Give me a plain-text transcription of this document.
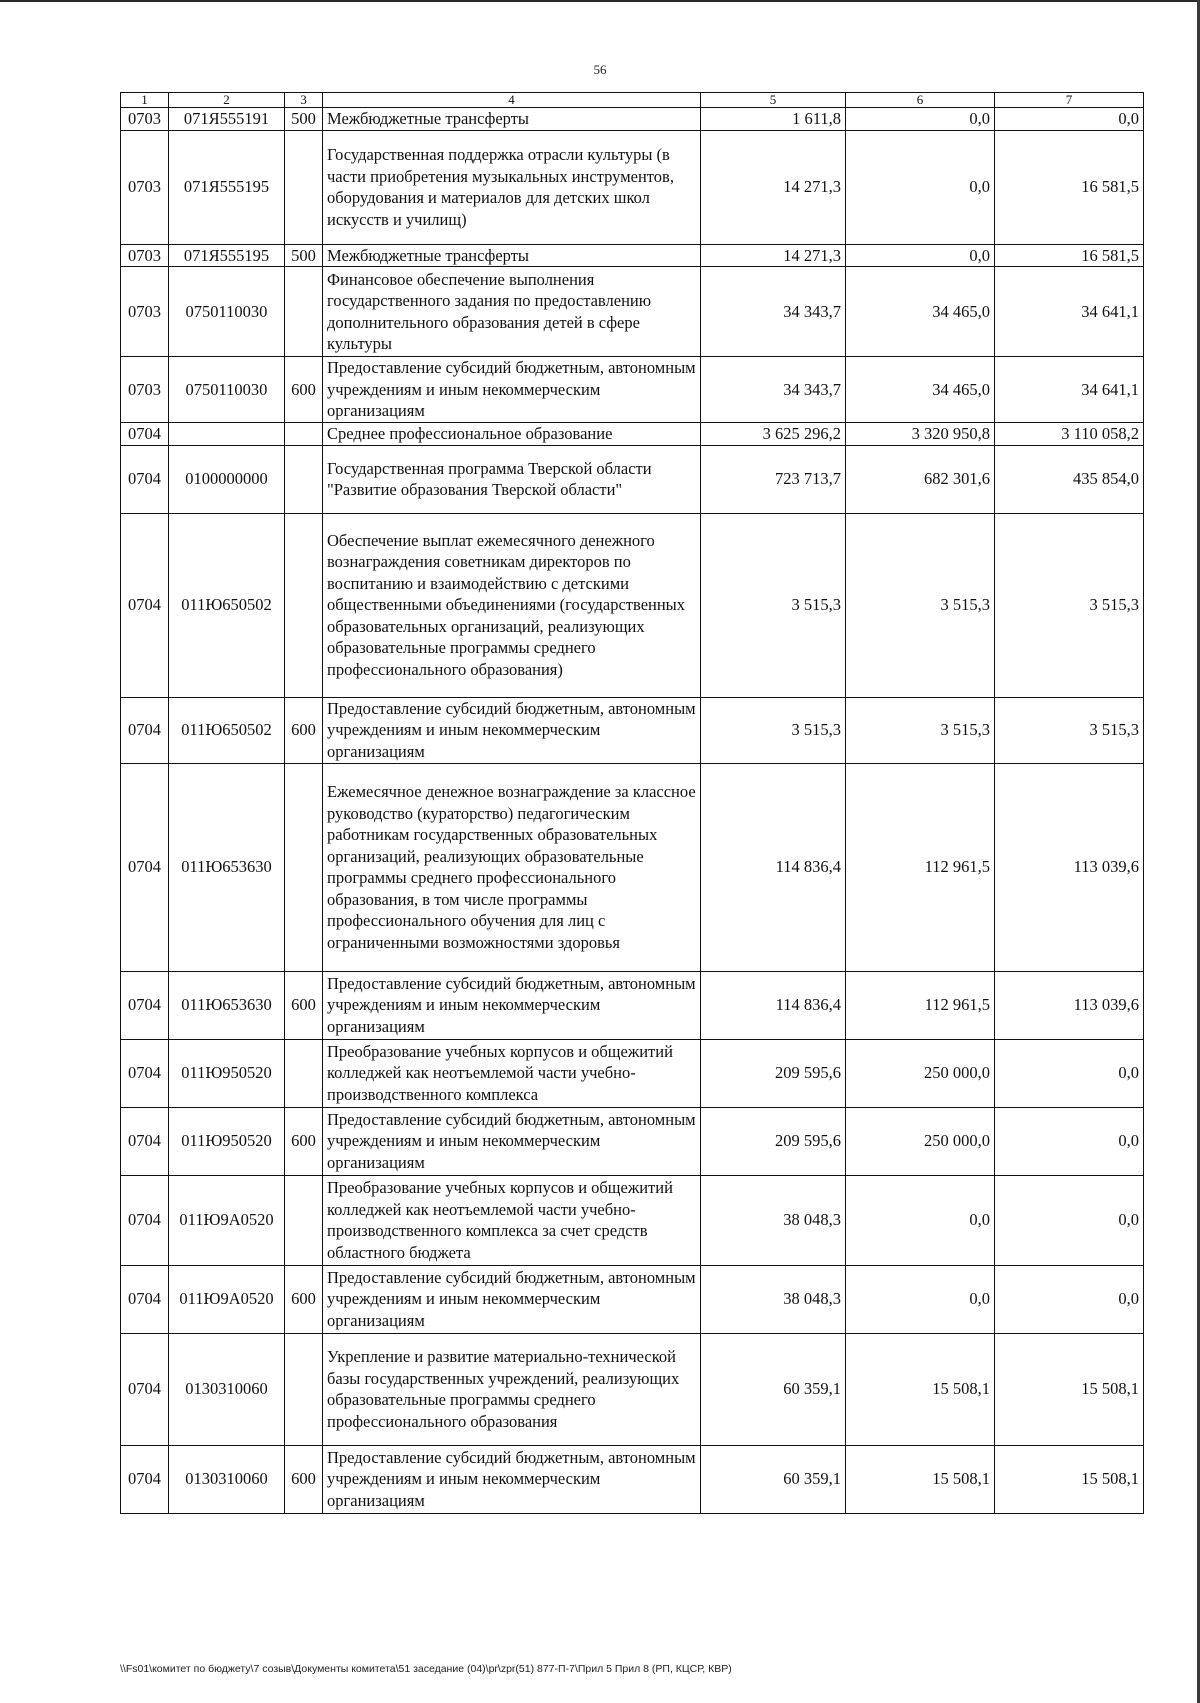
56
1	2	3	4	5	6	7
0703	071Я555191	500	Межбюджетные трансферты	1 611,8	0,0	0,0
0703	071Я555195		Государственная поддержка отрасли культуры (в части приобретения музыкальных инструментов, оборудования и материалов для детских школ искусств и училищ)	14 271,3	0,0	16 581,5
0703	071Я555195	500	Межбюджетные трансферты	14 271,3	0,0	16 581,5
0703	0750110030		Финансовое обеспечение выполнения государственного задания по предоставлению дополнительного образования детей в сфере культуры	34 343,7	34 465,0	34 641,1
0703	0750110030	600	Предоставление субсидий бюджетным, автономным учреждениям и иным некоммерческим организациям	34 343,7	34 465,0	34 641,1
0704			Среднее профессиональное образование	3 625 296,2	3 320 950,8	3 110 058,2
0704	0100000000		Государственная программа Тверской области "Развитие образования Тверской области"	723 713,7	682 301,6	435 854,0
0704	011Ю650502		Обеспечение выплат ежемесячного денежного вознаграждения советникам директоров по воспитанию и взаимодействию с детскими общественными объединениями (государственных образовательных организаций, реализующих образовательные программы среднего профессионального образования)	3 515,3	3 515,3	3 515,3
0704	011Ю650502	600	Предоставление субсидий бюджетным, автономным учреждениям и иным некоммерческим организациям	3 515,3	3 515,3	3 515,3
0704	011Ю653630		Ежемесячное денежное вознаграждение за классное руководство (кураторство) педагогическим работникам государственных образовательных организаций, реализующих образовательные программы среднего профессионального образования, в том числе программы профессионального обучения для лиц с ограниченными возможностями здоровья	114 836,4	112 961,5	113 039,6
0704	011Ю653630	600	Предоставление субсидий бюджетным, автономным учреждениям и иным некоммерческим организациям	114 836,4	112 961,5	113 039,6
0704	011Ю950520		Преобразование учебных корпусов и общежитий колледжей как неотъемлемой части учебно-производственного комплекса	209 595,6	250 000,0	0,0
0704	011Ю950520	600	Предоставление субсидий бюджетным, автономным учреждениям и иным некоммерческим организациям	209 595,6	250 000,0	0,0
0704	011Ю9А0520		Преобразование учебных корпусов и общежитий колледжей как неотъемлемой части учебно-производственного комплекса за счет средств областного бюджета	38 048,3	0,0	0,0
0704	011Ю9А0520	600	Предоставление субсидий бюджетным, автономным учреждениям и иным некоммерческим организациям	38 048,3	0,0	0,0
0704	0130310060		Укрепление и развитие материально-технической базы государственных учреждений, реализующих образовательные программы среднего профессионального образования	60 359,1	15 508,1	15 508,1
0704	0130310060	600	Предоставление субсидий бюджетным, автономным учреждениям и иным некоммерческим организациям	60 359,1	15 508,1	15 508,1
\\Fs01\комитет по бюджету\7 созыв\Документы комитета\51 заседание (04)\pr\zpr(51) 877-П-7\Прил 5 Прил 8 (РП, КЦСР, КВР)
